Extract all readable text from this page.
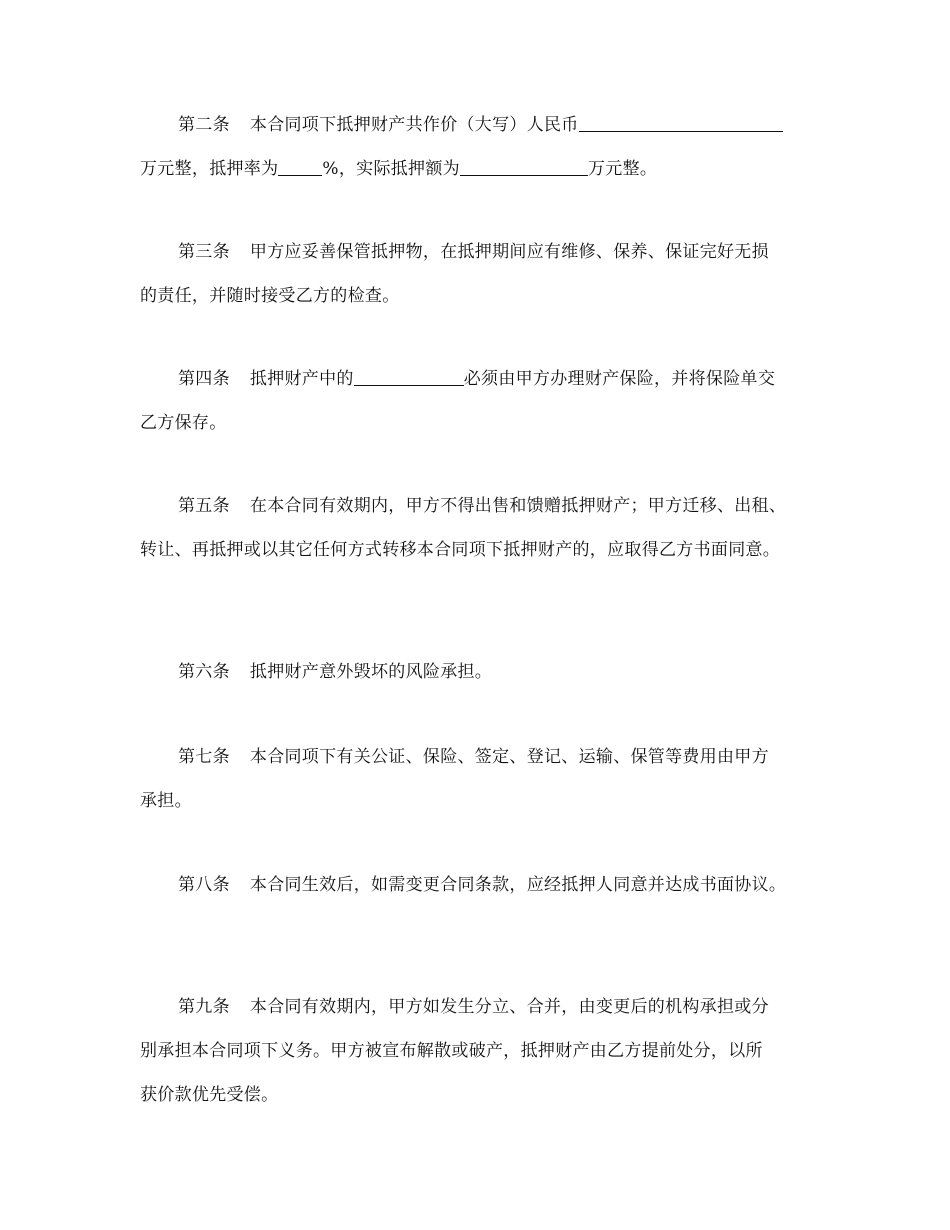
第二条 本合同项下抵押财产共作价（大写）人民币
万元整，抵押率为	%，实际抵押额为	万元整。
第三条 甲方应妥善保管抵押物，在抵押期间应有维修、保养、保证完好无损
的责任，并随时接受乙方的检查。
第四条 抵押财产中的	必须由甲方办理财产保险，并将保险单交
乙方保存。
第五条 在本合同有效期内，甲方不得出售和馈赠抵押财产；甲方迁移、出租、
转让、再抵押或以其它任何方式转移本合同项下抵押财产的，应取得乙方书面同意。
第六条 抵押财产意外毁坏的风险承担。
第七条 本合同项下有关公证、保险、签定、登记、运输、保管等费用由甲方
承担。
第八条 本合同生效后，如需变更合同条款，应经抵押人同意并达成书面协议。
第九条 本合同有效期内，甲方如发生分立、合并，由变更后的机构承担或分
别承担本合同项下义务。甲方被宣布解散或破产，抵押财产由乙方提前处分，以所
获价款优先受偿。
